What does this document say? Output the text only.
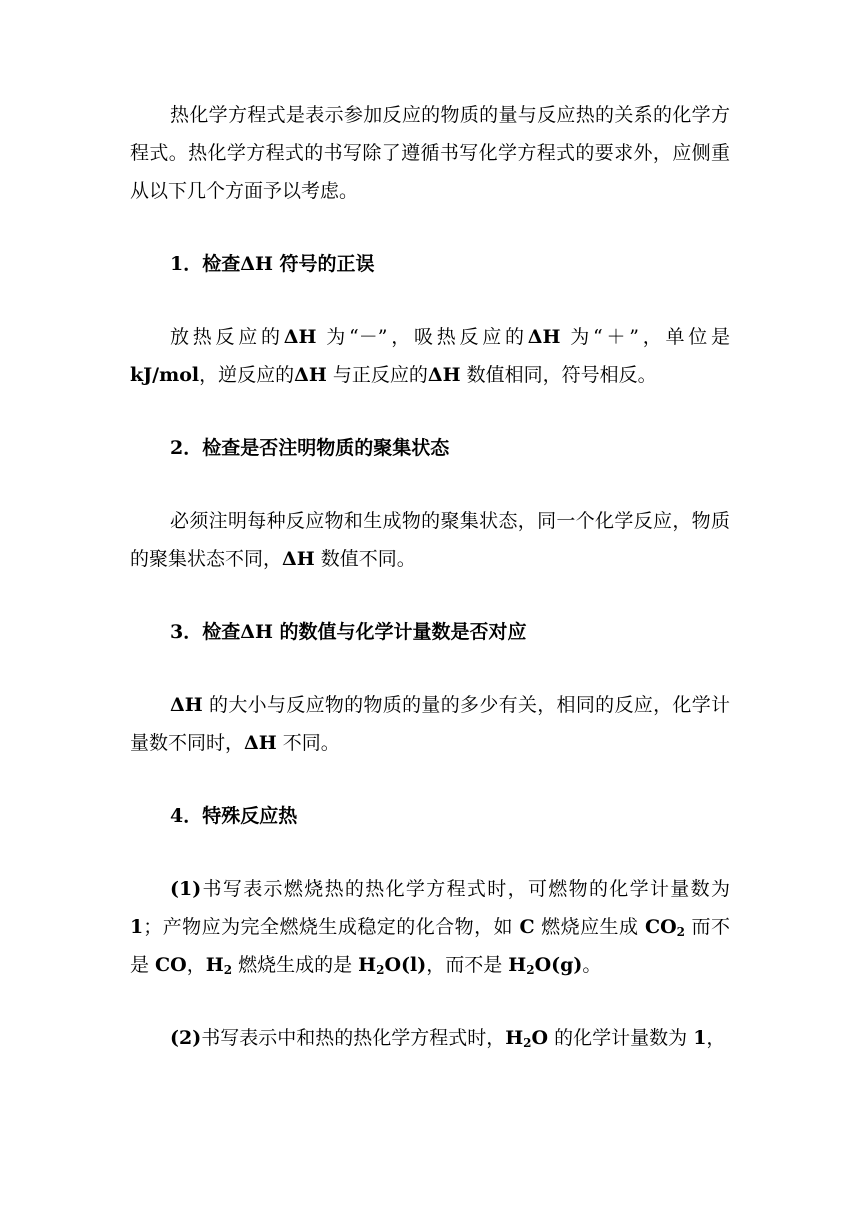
热化学方程式是表示参加反应的物质的量与反应热的关系的化学方程式。热化学方程式的书写除了遵循书写化学方程式的要求外，应侧重从以下几个方面予以考虑。

1．检查ΔH 符号的正误

放热反应的ΔH 为“－”，吸热反应的ΔH 为“＋”，单位是 kJ/mol，逆反应的ΔH 与正反应的ΔH 数值相同，符号相反。

2．检查是否注明物质的聚集状态

必须注明每种反应物和生成物的聚集状态，同一个化学反应，物质的聚集状态不同，ΔH 数值不同。

3．检查ΔH 的数值与化学计量数是否对应

ΔH 的大小与反应物的物质的量的多少有关，相同的反应，化学计量数不同时，ΔH 不同。

4．特殊反应热

(1)书写表示燃烧热的热化学方程式时，可燃物的化学计量数为 1；产物应为完全燃烧生成稳定的化合物，如 C 燃烧应生成 $CO_2$ 而不是 CO，$H_2$ 燃烧生成的是 $H_2O(l)$，而不是 $H_2O(g)$。

(2)书写表示中和热的热化学方程式时，$H_2O$ 的化学计量数为 1，
